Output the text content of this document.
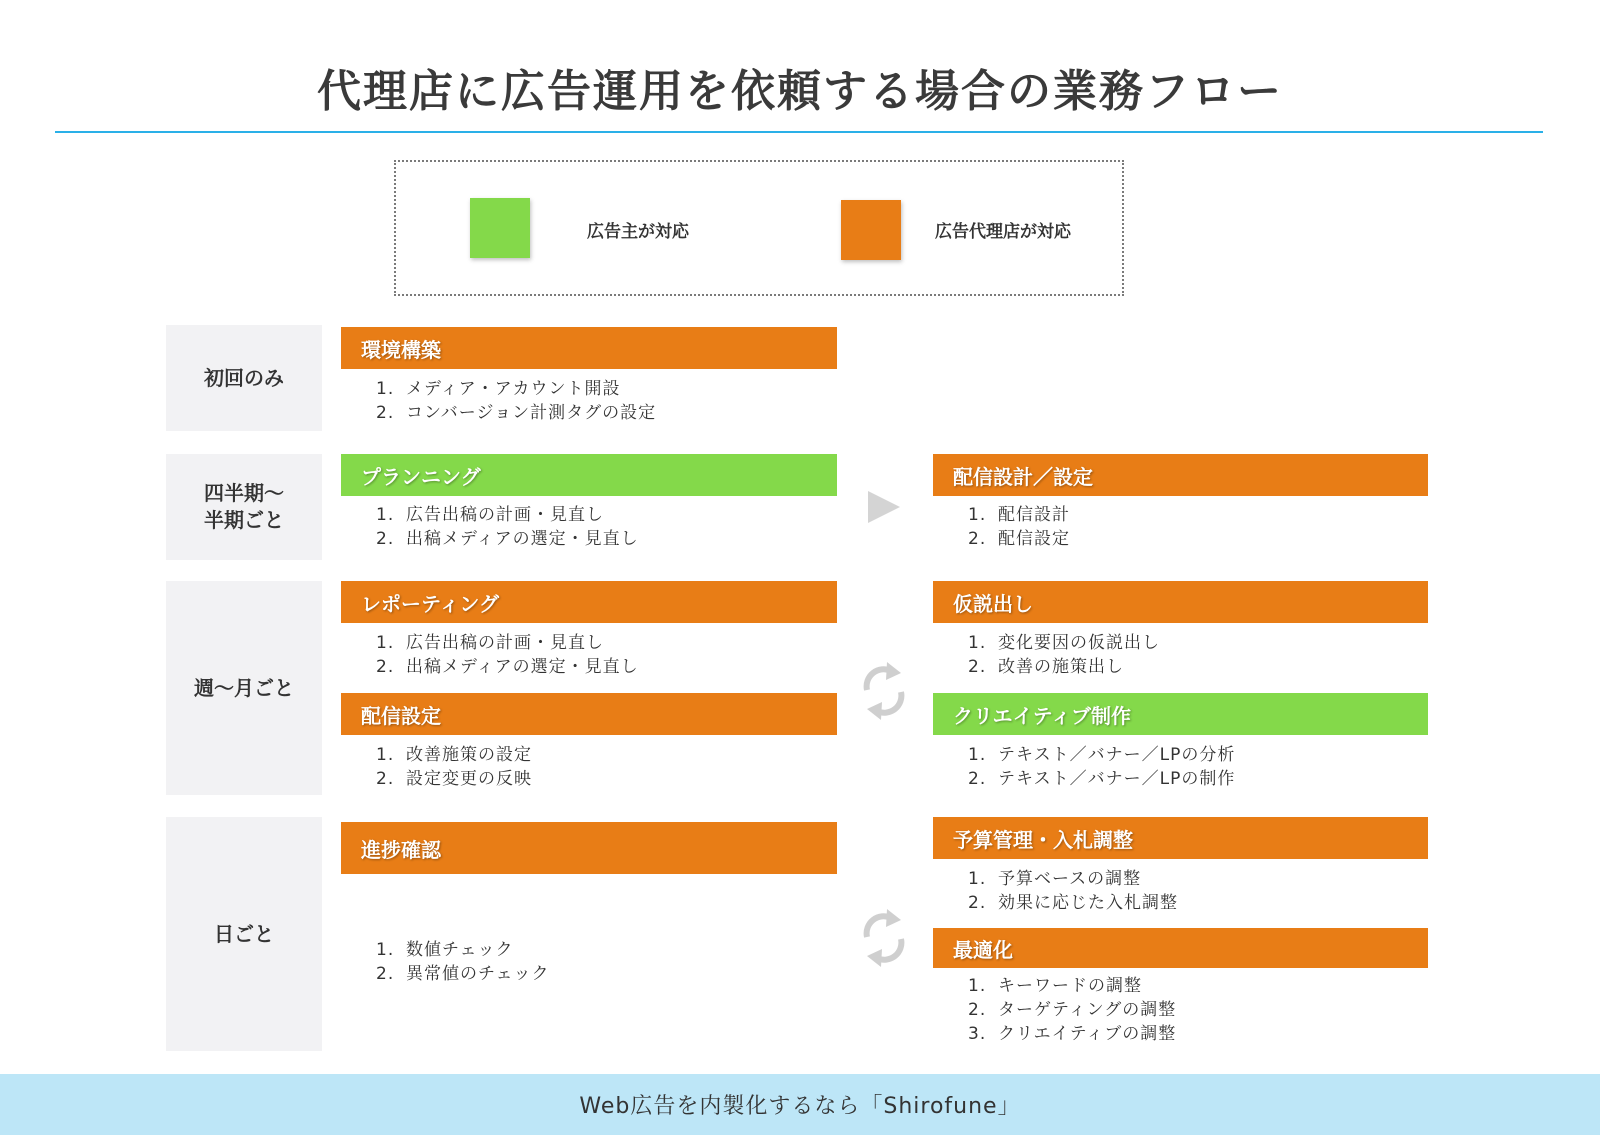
代理店に広告運用を依頼する場合の業務フロー
広告主が対応	広告代理店が対応
初回のみ
環境構築
1. メディア・アカウント開設
2. コンバージョン計測タグの設定
四半期〜
半期ごと
プランニング
1. 広告出稿の計画・見直し
2. 出稿メディアの選定・見直し
配信設計／設定
1. 配信設計
2. 配信設定
週〜月ごと
レポーティング
1. 広告出稿の計画・見直し
2. 出稿メディアの選定・見直し
配信設定
1. 改善施策の設定
2. 設定変更の反映
仮説出し
1. 変化要因の仮説出し
2. 改善の施策出し
クリエイティブ制作
1. テキスト／バナー／LPの分析
2. テキスト／バナー／LPの制作
日ごと
進捗確認
1. 数値チェック
2. 異常値のチェック
予算管理・入札調整
1. 予算ベースの調整
2. 効果に応じた入札調整
最適化
1. キーワードの調整
2. ターゲティングの調整
3. クリエイティブの調整
Web広告を内製化するなら「Shirofune」
